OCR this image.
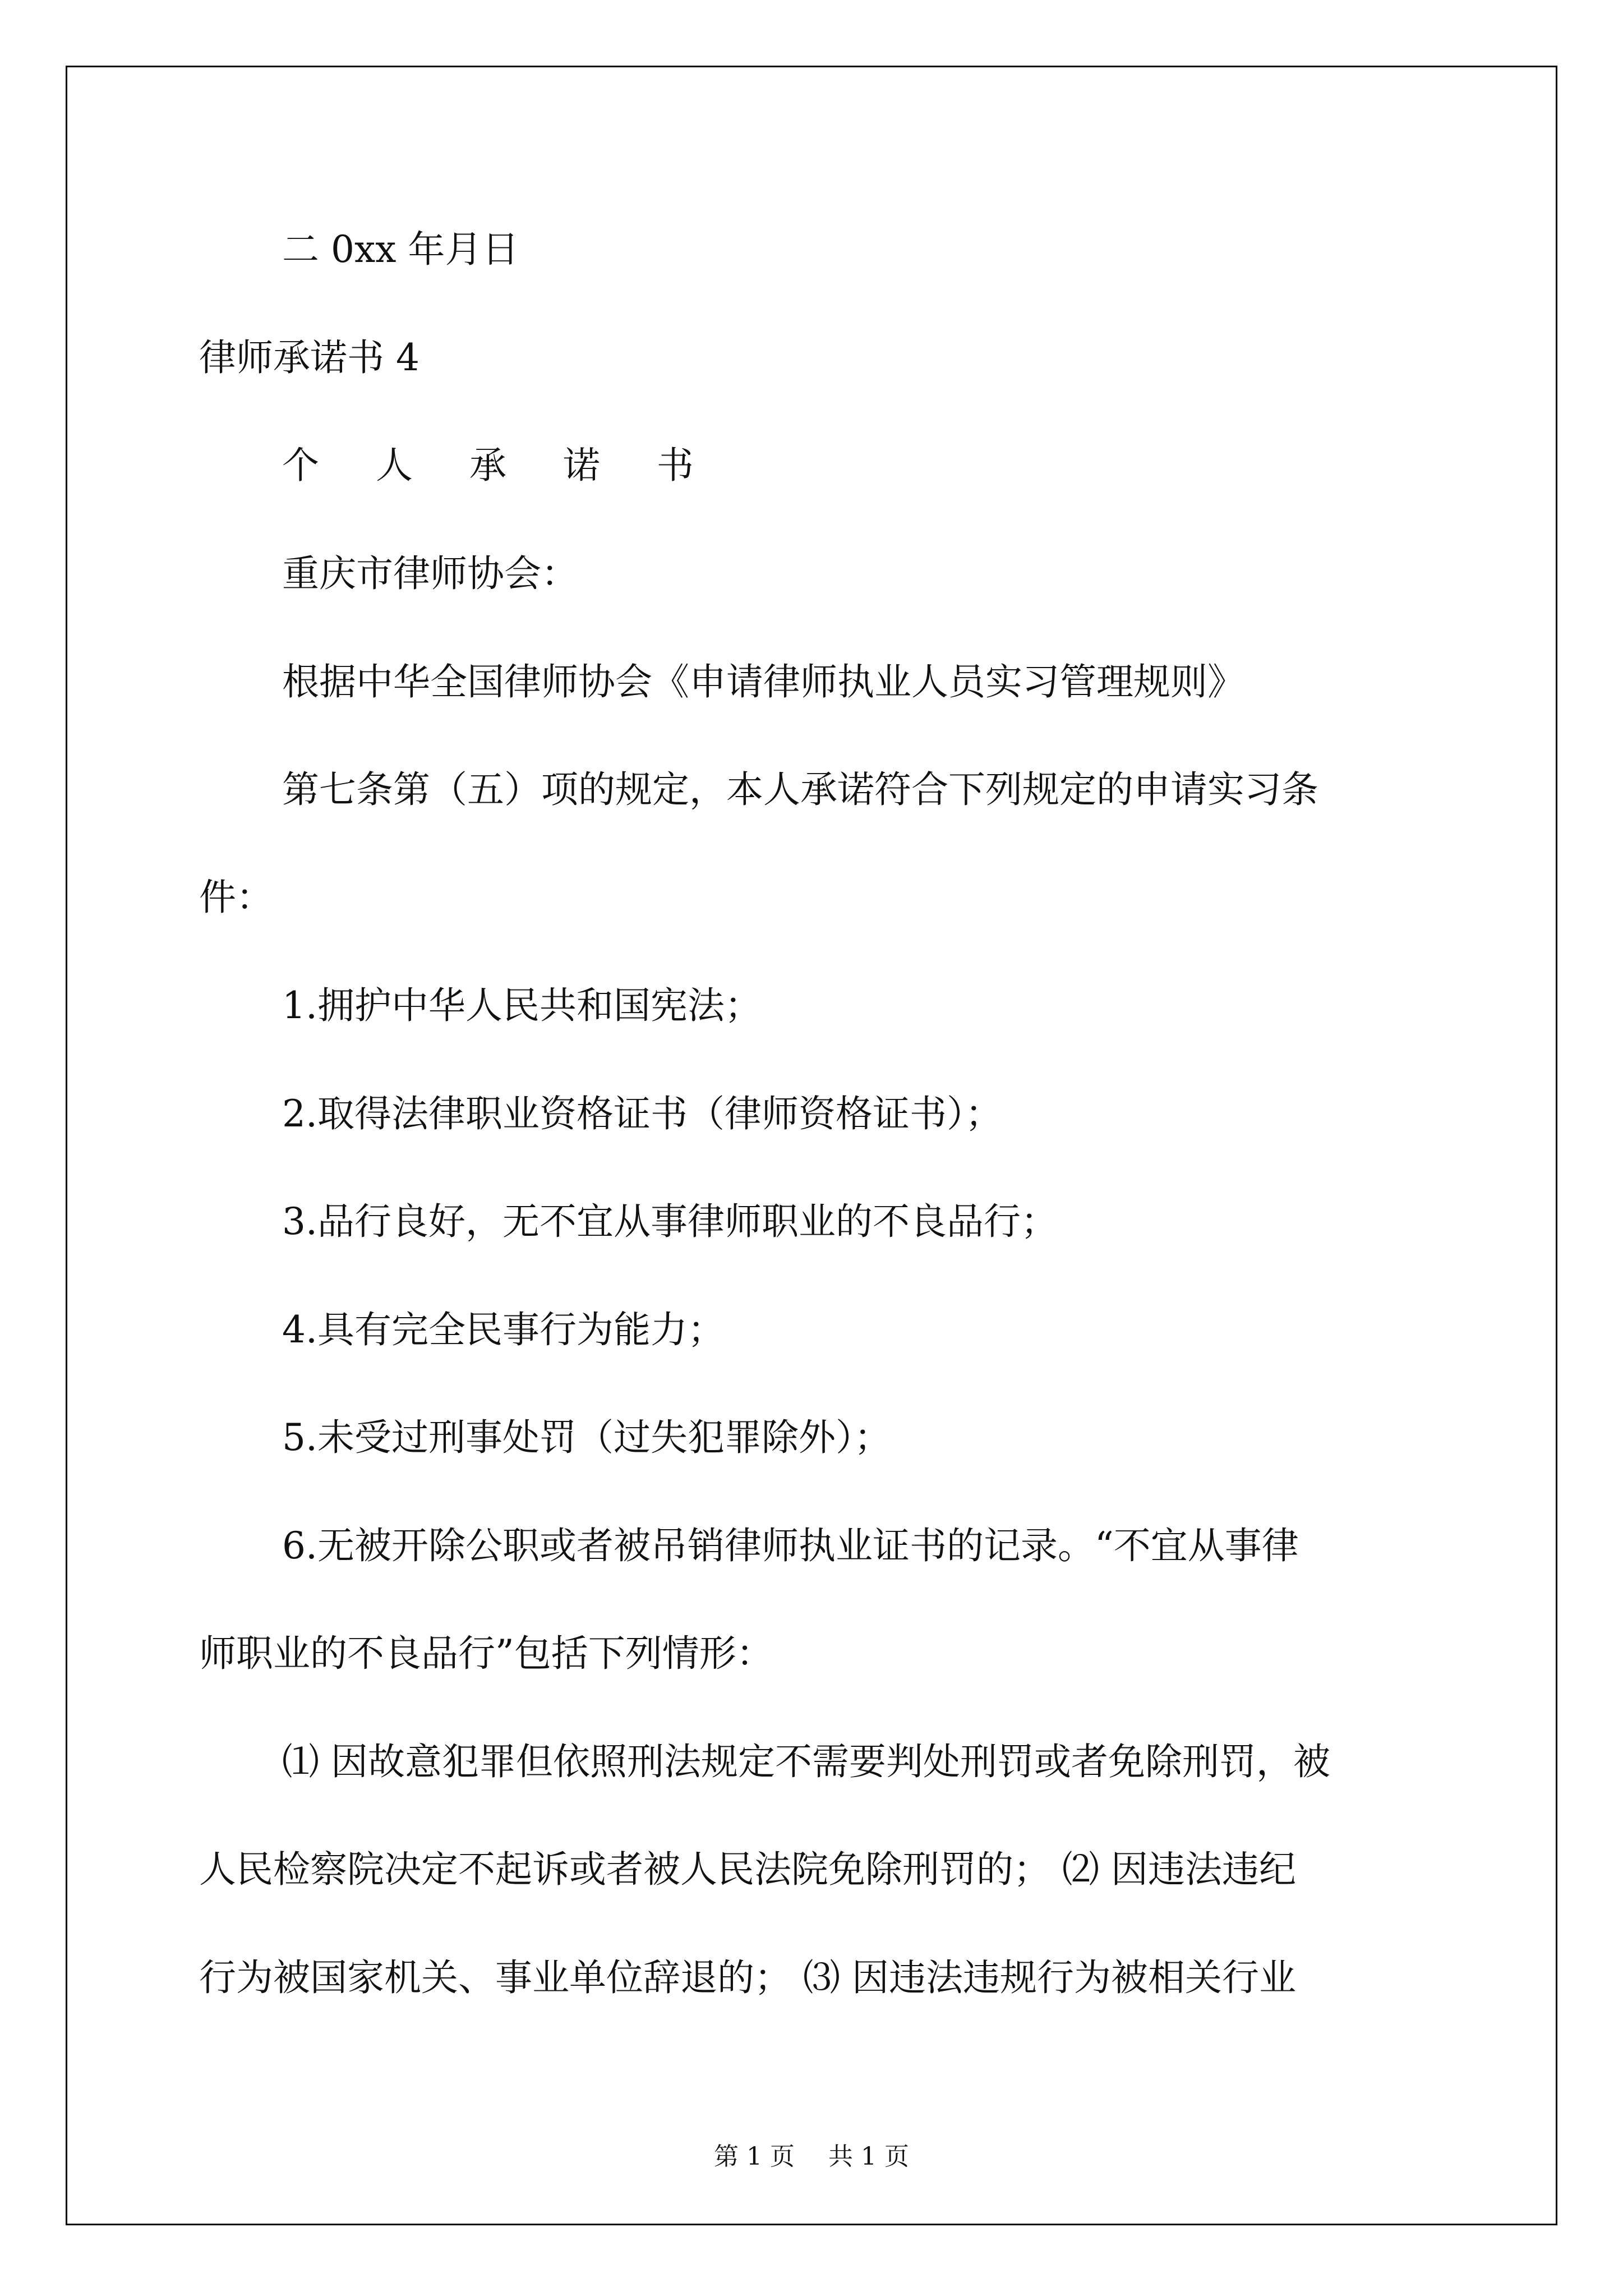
二 0xx 年月日
律师承诺书 4
个 人 承 诺 书
重庆市律师协会：
根据中华全国律师协会《申请律师执业人员实习管理规则》
第七条第（五）项的规定，本人承诺符合下列规定的申请实习条
件：
1.拥护中华人民共和国宪法；
2.取得法律职业资格证书（律师资格证书）；
3.品行良好，无不宜从事律师职业的不良品行；
4.具有完全民事行为能力；
5.未受过刑事处罚（过失犯罪除外）；
6.无被开除公职或者被吊销律师执业证书的记录。“不宜从事律
师职业的不良品行”包括下列情形：
⑴ 因故意犯罪但依照刑法规定不需要判处刑罚或者免除刑罚，被
人民检察院决定不起诉或者被人民法院免除刑罚的； ⑵ 因违法违纪
行为被国家机关、事业单位辞退的； ⑶ 因违法违规行为被相关行业
第 1 页 共 1 页
